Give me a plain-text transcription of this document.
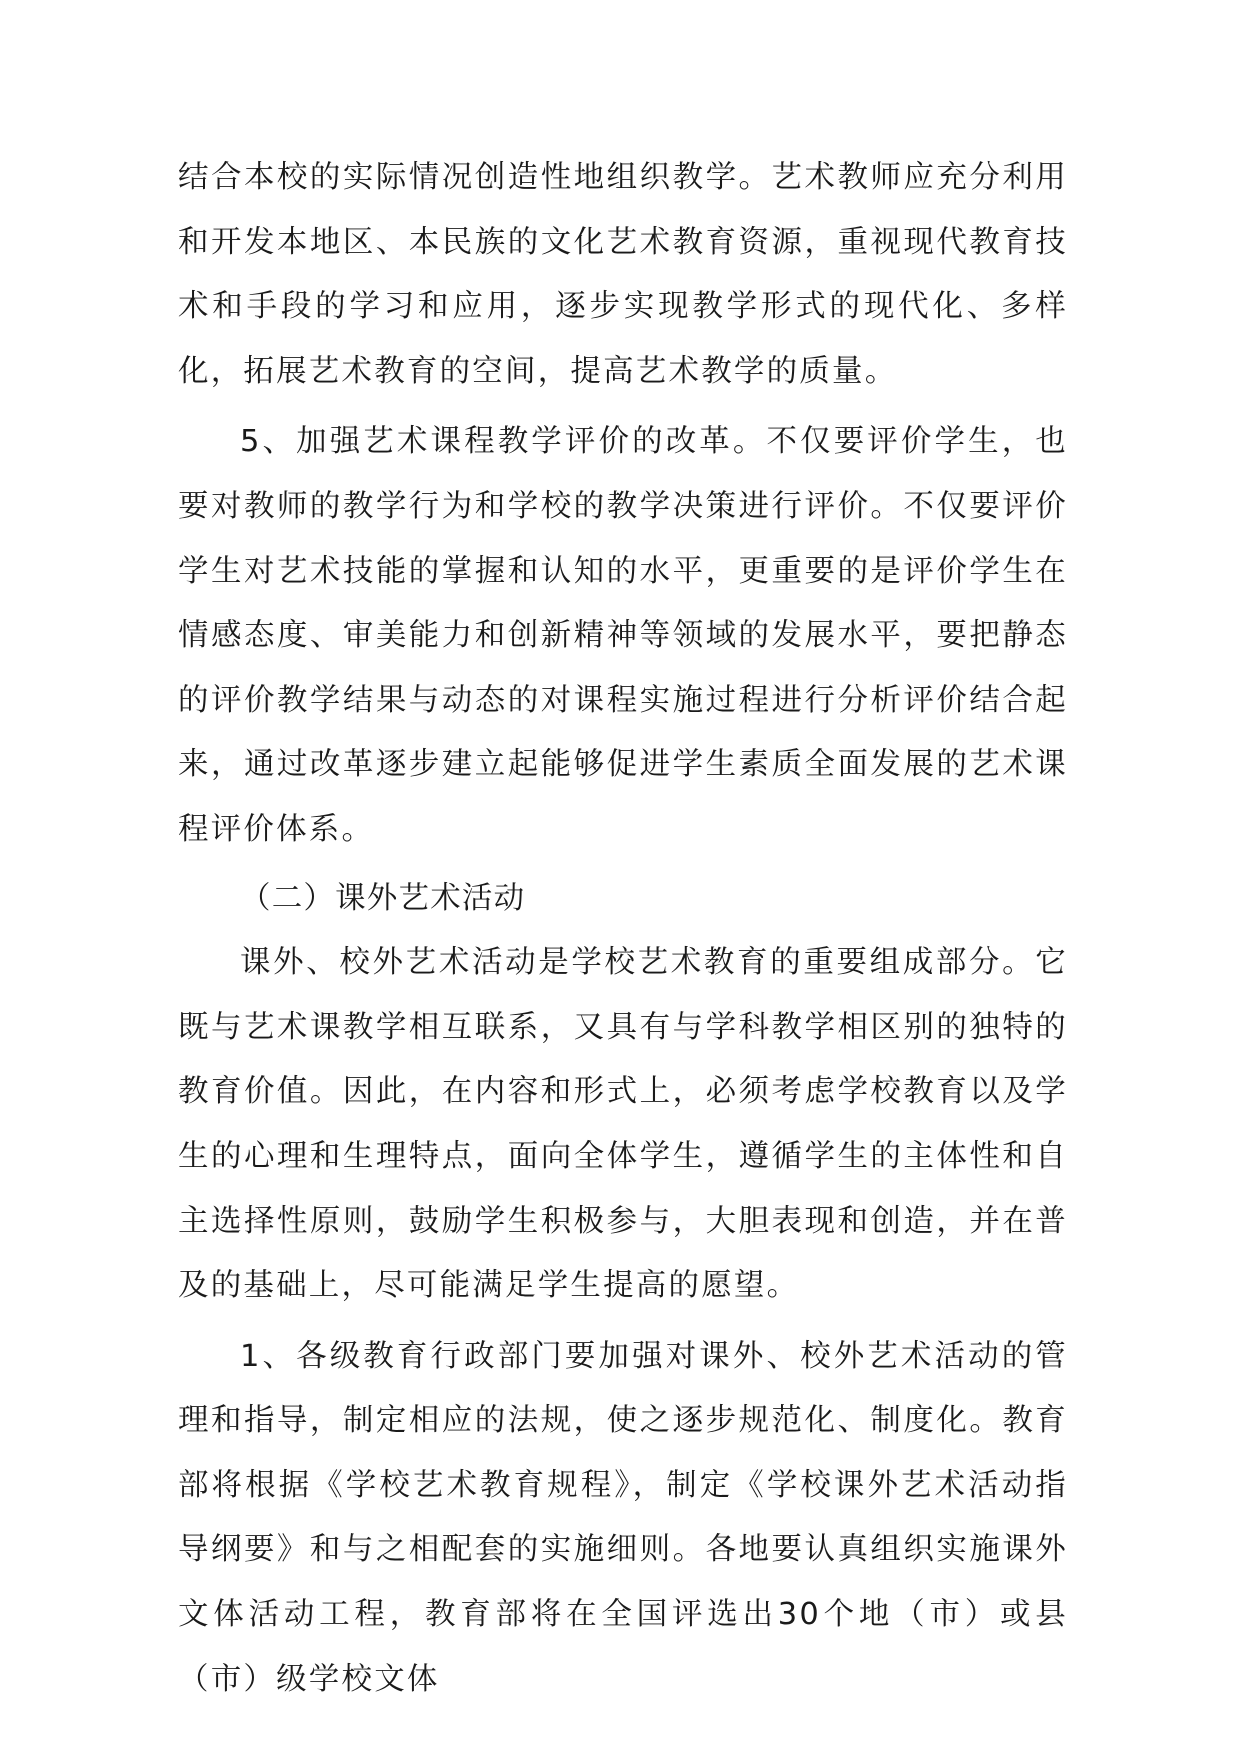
结合本校的实际情况创造性地组织教学。艺术教师应充分利用和开发本地区、本民族的文化艺术教育资源，重视现代教育技术和手段的学习和应用，逐步实现教学形式的现代化、多样化，拓展艺术教育的空间，提高艺术教学的质量。

5、加强艺术课程教学评价的改革。不仅要评价学生，也要对教师的教学行为和学校的教学决策进行评价。不仅要评价学生对艺术技能的掌握和认知的水平，更重要的是评价学生在情感态度、审美能力和创新精神等领域的发展水平，要把静态的评价教学结果与动态的对课程实施过程进行分析评价结合起来，通过改革逐步建立起能够促进学生素质全面发展的艺术课程评价体系。

（二）课外艺术活动

课外、校外艺术活动是学校艺术教育的重要组成部分。它既与艺术课教学相互联系，又具有与学科教学相区别的独特的教育价值。因此，在内容和形式上，必须考虑学校教育以及学生的心理和生理特点，面向全体学生，遵循学生的主体性和自主选择性原则，鼓励学生积极参与，大胆表现和创造，并在普及的基础上，尽可能满足学生提高的愿望。

1、各级教育行政部门要加强对课外、校外艺术活动的管理和指导，制定相应的法规，使之逐步规范化、制度化。教育部将根据《学校艺术教育规程》，制定《学校课外艺术活动指导纲要》和与之相配套的实施细则。各地要认真组织实施课外文体活动工程，教育部将在全国评选出30个地（市）或县（市）级学校文体
